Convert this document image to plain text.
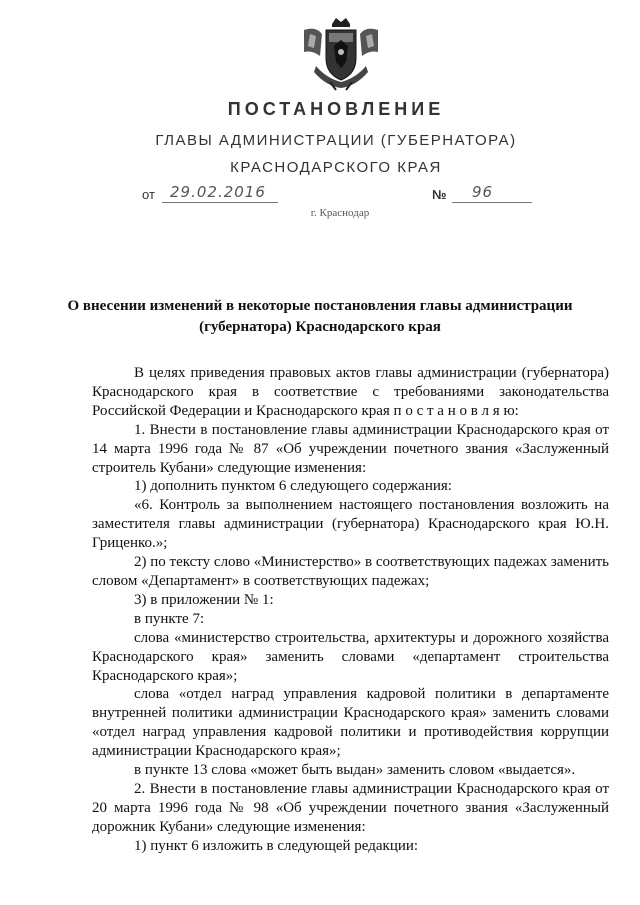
ПОСТАНОВЛЕНИЕ
ГЛАВЫ АДМИНИСТРАЦИИ (ГУБЕРНАТОРА)
КРАСНОДАРСКОГО КРАЯ
от 29.02.2016	№ 96
г. Краснодар
О внесении изменений в некоторые постановления главы администрации
(губернатора) Краснодарского края

В целях приведения правовых актов главы администрации (губернатора) Краснодарского края в соответствие с требованиями законодательства Российской Федерации и Краснодарского края п о с т а н о в л я ю:

1. Внести в постановление главы администрации Краснодарского края от 14 марта 1996 года № 87 «Об учреждении почетного звания «Заслуженный строитель Кубани» следующие изменения:

1) дополнить пунктом 6 следующего содержания:

«6. Контроль за выполнением настоящего постановления возложить на заместителя главы администрации (губернатора) Краснодарского края Ю.Н. Гриценко.»;

2) по тексту слово «Министерство» в соответствующих падежах заменить словом «Департамент» в соответствующих падежах;

3) в приложении № 1:

в пункте 7:

слова «министерство строительства, архитектуры и дорожного хозяйства Краснодарского края» заменить словами «департамент строительства Краснодарского края»;

слова «отдел наград управления кадровой политики в департаменте внутренней политики администрации Краснодарского края» заменить словами «отдел наград управления кадровой политики и противодействия коррупции администрации Краснодарского края»;

в пункте 13 слова «может быть выдан» заменить словом «выдается».

2. Внести в постановление главы администрации Краснодарского края от 20 марта 1996 года № 98 «Об учреждении почетного звания «Заслуженный дорожник Кубани» следующие изменения:

1) пункт 6 изложить в следующей редакции:
